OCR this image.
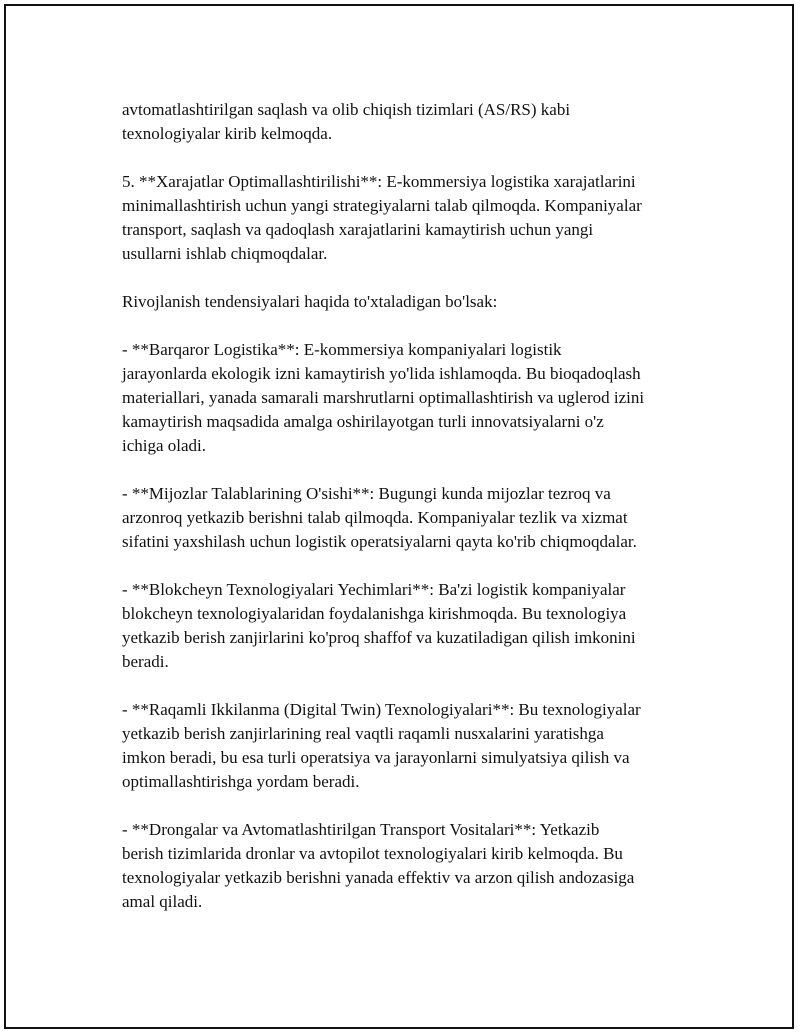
avtomatlashtirilgan saqlash va olib chiqish tizimlari (AS/RS) kabi
texnologiyalar kirib kelmoqda.

5. **Xarajatlar Optimallashtirilishi**: E-kommersiya logistika xarajatlarini
minimallashtirish uchun yangi strategiyalarni talab qilmoqda. Kompaniyalar
transport, saqlash va qadoqlash xarajatlarini kamaytirish uchun yangi
usullarni ishlab chiqmoqdalar.

Rivojlanish tendensiyalari haqida to'xtaladigan bo'lsak:

- **Barqaror Logistika**: E-kommersiya kompaniyalari logistik
jarayonlarda ekologik izni kamaytirish yo'lida ishlamoqda. Bu bioqadoqlash
materiallari, yanada samarali marshrutlarni optimallashtirish va uglerod izini
kamaytirish maqsadida amalga oshirilayotgan turli innovatsiyalarni o'z
ichiga oladi.

- **Mijozlar Talablarining O'sishi**: Bugungi kunda mijozlar tezroq va
arzonroq yetkazib berishni talab qilmoqda. Kompaniyalar tezlik va xizmat
sifatini yaxshilash uchun logistik operatsiyalarni qayta ko'rib chiqmoqdalar.

- **Blokcheyn Texnologiyalari Yechimlari**: Ba'zi logistik kompaniyalar
blokcheyn texnologiyalaridan foydalanishga kirishmoqda. Bu texnologiya
yetkazib berish zanjirlarini ko'proq shaffof va kuzatiladigan qilish imkonini
beradi.

- **Raqamli Ikkilanma (Digital Twin) Texnologiyalari**: Bu texnologiyalar
yetkazib berish zanjirlarining real vaqtli raqamli nusxalarini yaratishga
imkon beradi, bu esa turli operatsiya va jarayonlarni simulyatsiya qilish va
optimallashtirishga yordam beradi.

- **Drongalar va Avtomatlashtirilgan Transport Vositalari**: Yetkazib
berish tizimlarida dronlar va avtopilot texnologiyalari kirib kelmoqda. Bu
texnologiyalar yetkazib berishni yanada effektiv va arzon qilish andozasiga
amal qiladi.
